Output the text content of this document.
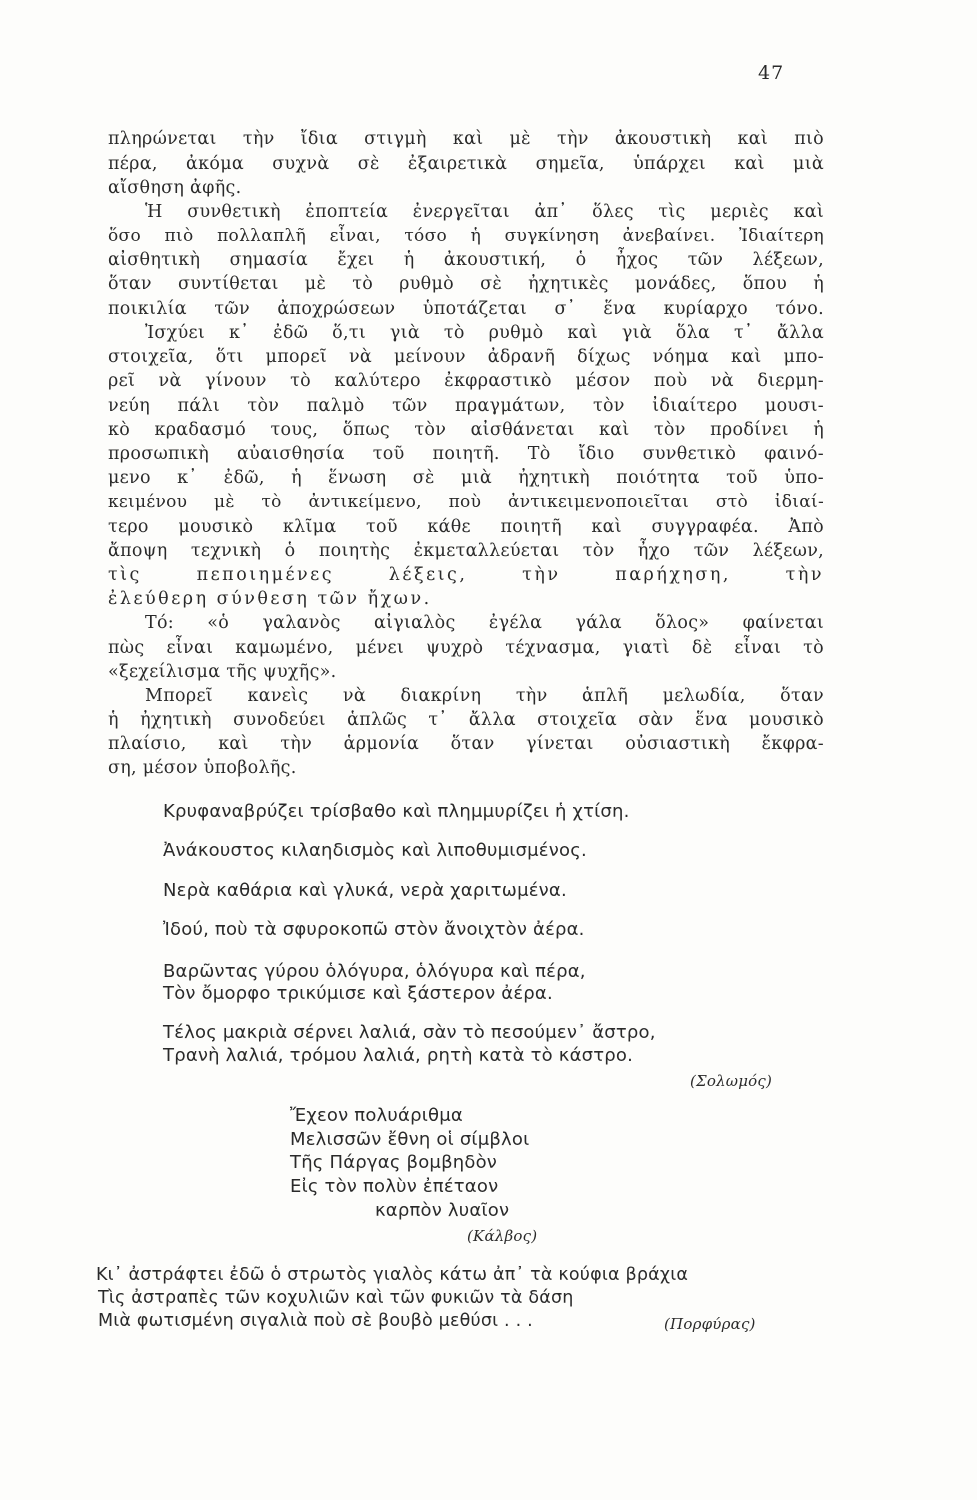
47
πληρώνεται τὴν ἴδια στιγμὴ καὶ μὲ τὴν ἀκουστικὴ καὶ πιὸ
πέρα, ἀκόμα συχνὰ σὲ ἐξαιρετικὰ σημεῖα, ὑπάρχει καὶ μιὰ
αἴσθηση ἀφῆς.
Ἡ συνθετικὴ ἐποπτεία ἐνεργεῖται ἀπ᾿ ὅλες τὶς μεριὲς καὶ
ὅσο πιὸ πολλαπλῆ εἶναι, τόσο ἡ συγκίνηση ἀνεβαίνει. Ἰδιαίτερη
αἰσθητικὴ σημασία ἔχει ἡ ἀκουστική, ὁ ἦχος τῶν λέξεων,
ὅταν συντίθεται μὲ τὸ ρυθμὸ σὲ ἠχητικὲς μονάδες, ὅπου ἡ
ποικιλία τῶν ἀποχρώσεων ὑποτάζεται σ᾿ ἕνα κυρίαρχο τόνο.
Ἰσχύει κ᾿ ἐδῶ ὅ,τι γιὰ τὸ ρυθμὸ καὶ γιὰ ὅλα τ᾿ ἄλλα
στοιχεῖα, ὅτι μπορεῖ νὰ μείνουν ἀδρανῆ δίχως νόημα καὶ μπο-
ρεῖ νὰ γίνουν τὸ καλύτερο ἐκφραστικὸ μέσον ποὺ νὰ διερμη-
νεύη πάλι τὸν παλμὸ τῶν πραγμάτων, τὸν ἰδιαίτερο μουσι-
κὸ κραδασμό τους, ὅπως τὸν αἰσθάνεται καὶ τὸν προδίνει ἡ
προσωπικὴ αὐαισθησία τοῦ ποιητῆ. Τὸ ἴδιο συνθετικὸ φαινό-
μενο κ᾿ ἐδῶ, ἡ ἕνωση σὲ μιὰ ἠχητικὴ ποιότητα τοῦ ὑπο-
κειμένου μὲ τὸ ἀντικείμενο, ποὺ ἀντικειμενοποιεῖται στὸ ἰδιαί-
τερο μουσικὸ κλῖμα τοῦ κάθε ποιητῆ καὶ συγγραφέα. Ἀπὸ
ἄποψη τεχνικὴ ὁ ποιητὴς ἐκμεταλλεύεται τὸν ἦχο τῶν λέξεων,
τὶς πεποιημένες λέξεις, τὴν παρήχηση, τὴν
ἐλεύθερη σύνθεση τῶν ἤχων.
Τό: «ὁ γαλανὸς αἰγιαλὸς ἐγέλα γάλα ὅλος» φαίνεται
πὼς εἶναι καμωμένο, μένει ψυχρὸ τέχνασμα, γιατὶ δὲ εἶναι τὸ
«ξεχείλισμα τῆς ψυχῆς».
Μπορεῖ κανεὶς νὰ διακρίνη τὴν ἁπλῆ μελωδία, ὅταν
ἡ ἠχητικὴ συνοδεύει ἁπλῶς τ᾿ ἄλλα στοιχεῖα σὰν ἕνα μουσικὸ
πλαίσιο, καὶ τὴν ἁρμονία ὅταν γίνεται οὐσιαστικὴ ἔκφρα-
ση, μέσον ὑποβολῆς.
Κρυφαναβρύζει τρίσβαθο καὶ πλημμυρίζει ἡ χτίση.
Ἀνάκουστος κιλαηδισμὸς καὶ λιποθυμισμένος.
Νερὰ καθάρια καὶ γλυκά, νερὰ χαριτωμένα.
Ἰδού, ποὺ τὰ σφυροκοπῶ στὸν ἄνοιχτὸν ἀέρα.
Βαρῶντας γύρου ὁλόγυρα, ὁλόγυρα καὶ πέρα,
Τὸν ὄμορφο τρικύμισε καὶ ξάστερον ἀέρα.
Τέλος μακριὰ σέρνει λαλιά, σὰν τὸ πεσούμεν᾿ ἄστρο,
Τρανὴ λαλιά, τρόμου λαλιά, ρητὴ κατὰ τὸ κάστρο.
(Σολωμός)
Ἔχεον πολυάριθμα
Μελισσῶν ἔθνη οἱ σίμβλοι
Τῆς Πάργας βομβηδὸν
Εἰς τὸν πολὺν ἐπέταον
καρπὸν λυαῖον
(Κάλβος)
Κι᾿ ἀστράφτει ἐδῶ ὁ στρωτὸς γιαλὸς κάτω ἀπ᾿ τὰ κούφια βράχια
Τὶς ἀστραπὲς τῶν κοχυλιῶν καὶ τῶν φυκιῶν τὰ δάση
Μιὰ φωτισμένη σιγαλιὰ ποὺ σὲ βουβὸ μεθύσι . . .	(Πορφύρας)
